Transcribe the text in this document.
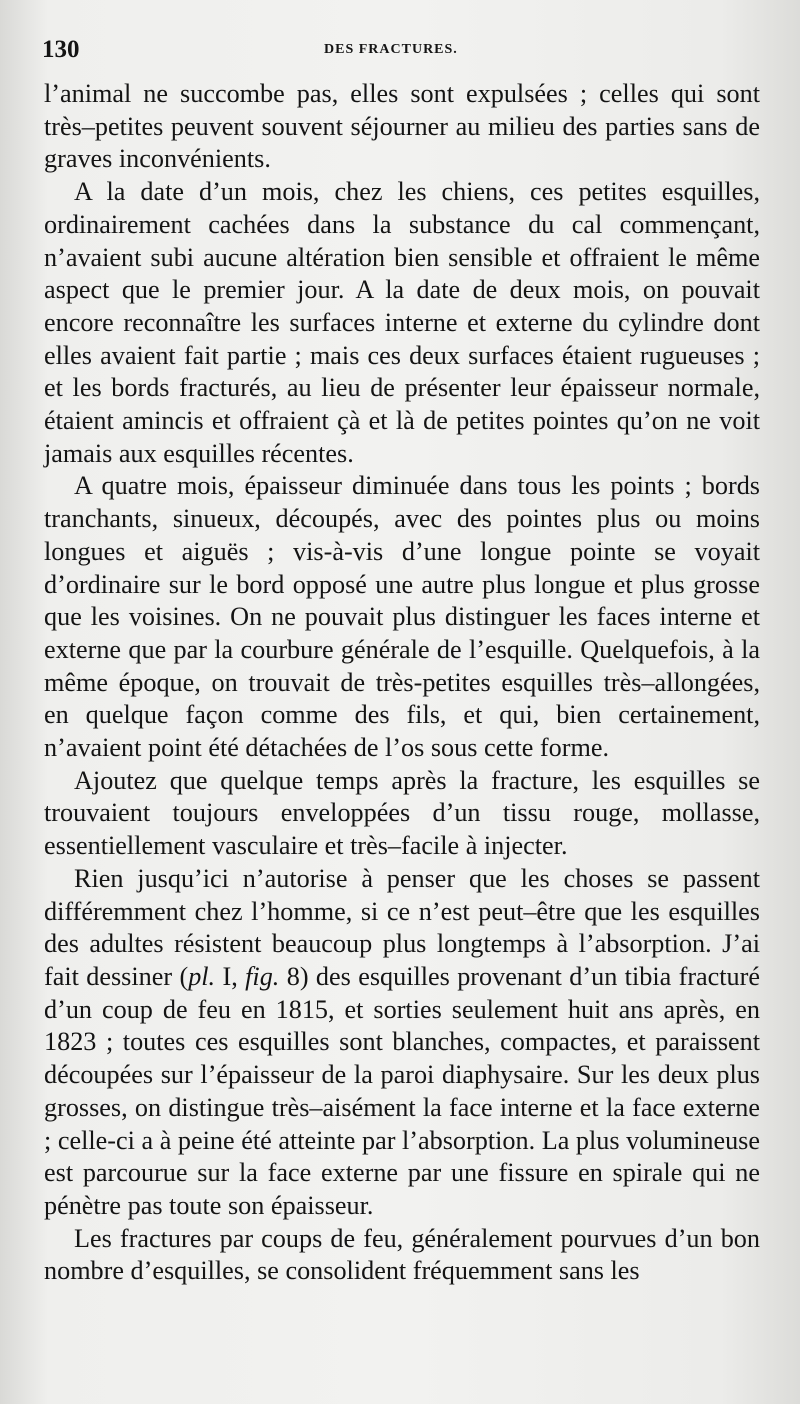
130	DES FRACTURES.

l’animal ne succombe pas, elles sont expulsées ; celles qui sont très–petites peuvent souvent séjourner au milieu des parties sans de graves inconvénients.

A la date d’un mois, chez les chiens, ces petites esquilles, ordinairement cachées dans la substance du cal commençant, n’avaient subi aucune altération bien sensible et offraient le même aspect que le premier jour. A la date de deux mois, on pouvait encore reconnaître les surfaces interne et externe du cylindre dont elles avaient fait partie ; mais ces deux surfaces étaient rugueuses ; et les bords fracturés, au lieu de présenter leur épaisseur normale, étaient amincis et offraient çà et là de petites pointes qu’on ne voit jamais aux esquilles récentes.

A quatre mois, épaisseur diminuée dans tous les points ; bords tranchants, sinueux, découpés, avec des pointes plus ou moins longues et aiguës ; vis-à-vis d’une longue pointe se voyait d’ordinaire sur le bord opposé une autre plus longue et plus grosse que les voisines. On ne pouvait plus distinguer les faces interne et externe que par la courbure générale de l’esquille. Quelquefois, à la même époque, on trouvait de très-petites esquilles très–allongées, en quelque façon comme des fils, et qui, bien certainement, n’avaient point été détachées de l’os sous cette forme.

Ajoutez que quelque temps après la fracture, les esquilles se trouvaient toujours enveloppées d’un tissu rouge, mollasse, essentiellement vasculaire et très–facile à injecter.

Rien jusqu’ici n’autorise à penser que les choses se passent différemment chez l’homme, si ce n’est peut–être que les esquilles des adultes résistent beaucoup plus longtemps à l’absorption. J’ai fait dessiner (pl. I, fig. 8) des esquilles provenant d’un tibia fracturé d’un coup de feu en 1815, et sorties seulement huit ans après, en 1823 ; toutes ces esquilles sont blanches, compactes, et paraissent découpées sur l’épaisseur de la paroi diaphysaire. Sur les deux plus grosses, on distingue très–aisément la face interne et la face externe ; celle-ci a à peine été atteinte par l’absorption. La plus volumineuse est parcourue sur la face externe par une fissure en spirale qui ne pénètre pas toute son épaisseur.

Les fractures par coups de feu, généralement pourvues d’un bon nombre d’esquilles, se consolident fréquemment sans les
